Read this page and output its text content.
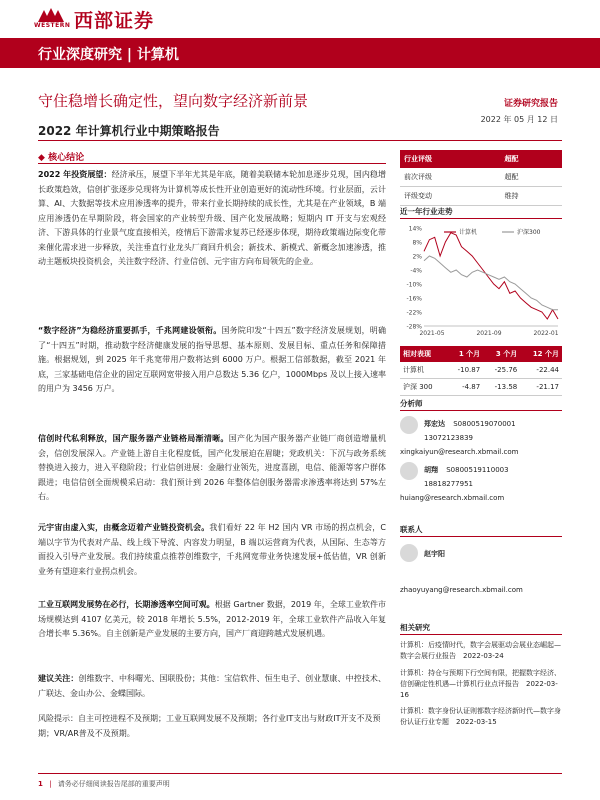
WESTERN 西部证券
行业深度研究 | 计算机
守住稳增长确定性，望向数字经济新前景	证券研究报告
2022 年 05 月 12 日
2022 年计算机行业中期策略报告
◆ 核心结论

2022 年投资展望：经济承压，展望下半年尤其是年底，随着美联储本轮加息逐步兑现，国内稳增长政策趋效，信创扩张逐步兑现将为计算机等成长性开业创造更好的流动性环境。行业层面，云计算、AI、大数据等技术应用渗透率的提升，带来行业长期持续的成长性，尤其是在产业领域，B 端应用渗透仍在早期阶段，将会国家的产业转型升级、国产化发展战略；短期内 IT 开支与宏观经济、下游具体的行业景气度直接相关，疫情后下游需求复苏已经逐步体现，期待政策端边际变化带来催化需求进一步释放，关注垂直行业龙头厂商回升机会；新技术、新模式、新概念加速渗透，推动主题板块投资机会，关注数字经济、行业信创、元宇宙方向布局领先的企业。

“数字经济”为稳经济重要抓手，千兆网建设领衔。国务院印发“十四五”数字经济发展规划，明确了“十四五”时期，推动数字经济健康发展的指导思想、基本原则、发展目标、重点任务和保障措施。根据规划，到 2025 年千兆宽带用户数将达到 6000 万户。根据工信部数据，截至 2021 年底，三家基础电信企业的固定互联网宽带接入用户总数达 5.36 亿户，1000Mbps 及以上接入速率的用户为 3456 万户。

信创时代私利释放，国产服务器产业链格局渐清晰。国产化为国产服务器产业链厂商创造增量机会，信创发展深入。产业链上游自主化程度低，国产化发展迫在眉睫；党政机关：下沉与政务系统替换进入接力，进入平稳阶段；行业信创进展：金融行业领先，进度喜剧，电信、能源等客户群体跟进；电信信创全面规模采启动：我们预计到 2026 年整体信创服务器需求渗透率将达到 57%左右。

元宇宙由虚入实，由概念迈着产业链投资机会。我们看好 22 年 H2 国内 VR 市场的拐点机会，C 端以字节为代表对产品、线上线下导流、内容发力明显，B 端以运营商为代表，从国际、生态等方面投入引导产业发展。我们持续重点推荐创维数字，千兆网宽带业务快速发展+低估值，VR 创新业务有望迎来行业拐点机会。

工业互联网发展势在必行，长期渗透率空间可观。根据 Gartner 数据，2019 年，全球工业软件市场规模达到 4107 亿美元，较 2018 年增长 5.5%，2012-2019 年，全球工业软件产品收入年复合增长率 5.36%。自主创新是产业发展的主要方向，国产厂商迎跨越式发展机遇。

建议关注：创维数字、中科曙光、国联股份；其他：宝信软件、恒生电子、创业慧康、中控技术、广联达、金山办公、金蝶国际。

风险提示：自主可控进程不及预期；工业互联网发展不及预期；各行业IT支出与财政IT开支不及预期；VR/AR普及不及预期。

行业评级	超配
前次评级	超配
评级变动	维持
近一年行业走势
14%
8%
2%
-4%
-10%
-16%
-22%
-28%
2021-05	2021-09	2022-01
计算机	沪深300
相对表现	1 个月	3 个月	12 个月
计算机	-10.87	-25.76	-22.44
沪深 300	-4.87	-13.58	-21.17
分析师
郑宏达 S0800519070001
13072123839
xingkaiyun@research.xbmail.com
胡翔 S0800519110003
18818277951
huiang@research.xbmail.com
联系人
赵宇阳
zhaoyuyang@research.xbmail.com
相关研究
计算机：后疫情时代，数字会展驱动会展业态崛起—数字会展行业报告　2022-03-24
计算机：持仓与预期下行空间有限，把握数字经济、信创确定性机遇—计算机行业点评报告　2022-03-16
计算机：数字身份认证则都数字经济新时代—数字身份认证行业专题　2022-03-15
1 | 请务必仔细阅读报告尾部的重要声明
